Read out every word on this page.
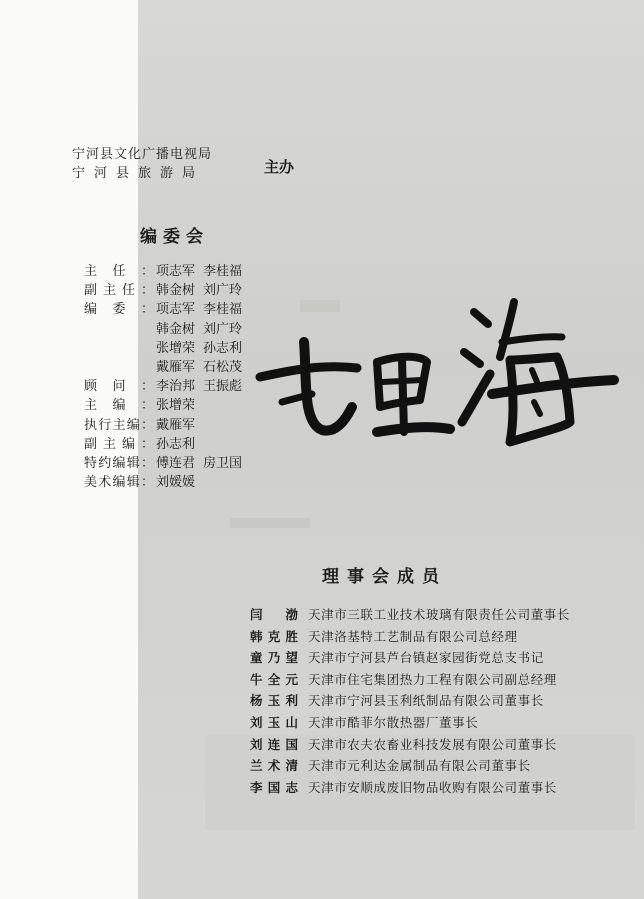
宁河县文化广播电视局
宁河县旅游局	主办
编委会
主任： 项志军 李桂福
副主任： 韩金树 刘广玲
编委： 项志军 李桂福
韩金树 刘广玲
张增荣 孙志利
戴雁军 石松茂
顾问： 李治邦 王振彪
主编： 张增荣
执行主编： 戴雁军
副主编： 孙志利
特约编辑： 傅连君 房卫国
美术编辑： 刘媛媛
理事会成员
闫渤 天津市三联工业技术玻璃有限责任公司董事长
韩克胜 天津洛基特工艺制品有限公司总经理
童乃望 天津市宁河县芦台镇赵家园街党总支书记
牛全元 天津市住宅集团热力工程有限公司副总经理
杨玉利 天津市宁河县玉利纸制品有限公司董事长
刘玉山 天津市酷菲尔散热器厂董事长
刘连国 天津市农夫农畜业科技发展有限公司董事长
兰术清 天津市元利达金属制品有限公司董事长
李国志 天津市安顺成废旧物品收购有限公司董事长
